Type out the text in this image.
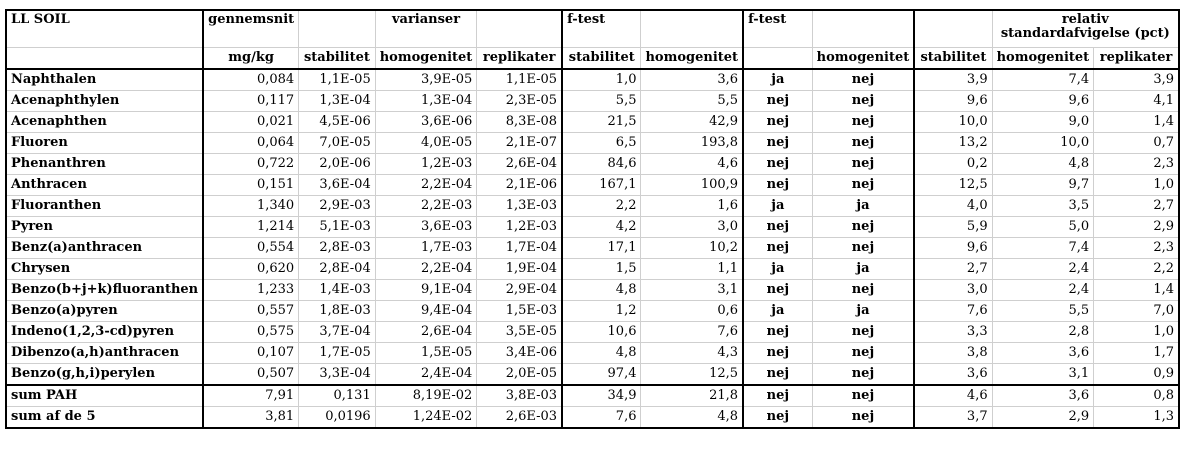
LL SOIL	gennemsnit		varianser		f-test		f-test			relativ standardafvigelse (pct)	
	mg/kg	stabilitet	homogenitet	replikater	stabilitet	homogenitet		homogenitet	stabilitet	homogenitet	replikater
Naphthalen	0,084	1,1E-05	3,9E-05	1,1E-05	1,0	3,6	ja	nej	3,9	7,4	3,9
Acenaphthylen	0,117	1,3E-04	1,3E-04	2,3E-05	5,5	5,5	nej	nej	9,6	9,6	4,1
Acenaphthen	0,021	4,5E-06	3,6E-06	8,3E-08	21,5	42,9	nej	nej	10,0	9,0	1,4
Fluoren	0,064	7,0E-05	4,0E-05	2,1E-07	6,5	193,8	nej	nej	13,2	10,0	0,7
Phenanthren	0,722	2,0E-06	1,2E-03	2,6E-04	84,6	4,6	nej	nej	0,2	4,8	2,3
Anthracen	0,151	3,6E-04	2,2E-04	2,1E-06	167,1	100,9	nej	nej	12,5	9,7	1,0
Fluoranthen	1,340	2,9E-03	2,2E-03	1,3E-03	2,2	1,6	ja	ja	4,0	3,5	2,7
Pyren	1,214	5,1E-03	3,6E-03	1,2E-03	4,2	3,0	nej	nej	5,9	5,0	2,9
Benz(a)anthracen	0,554	2,8E-03	1,7E-03	1,7E-04	17,1	10,2	nej	nej	9,6	7,4	2,3
Chrysen	0,620	2,8E-04	2,2E-04	1,9E-04	1,5	1,1	ja	ja	2,7	2,4	2,2
Benzo(b+j+k)fluoranthen	1,233	1,4E-03	9,1E-04	2,9E-04	4,8	3,1	nej	nej	3,0	2,4	1,4
Benzo(a)pyren	0,557	1,8E-03	9,4E-04	1,5E-03	1,2	0,6	ja	ja	7,6	5,5	7,0
Indeno(1,2,3-cd)pyren	0,575	3,7E-04	2,6E-04	3,5E-05	10,6	7,6	nej	nej	3,3	2,8	1,0
Dibenzo(a,h)anthracen	0,107	1,7E-05	1,5E-05	3,4E-06	4,8	4,3	nej	nej	3,8	3,6	1,7
Benzo(g,h,i)perylen	0,507	3,3E-04	2,4E-04	2,0E-05	97,4	12,5	nej	nej	3,6	3,1	0,9
sum PAH	7,91	0,131	8,19E-02	3,8E-03	34,9	21,8	nej	nej	4,6	3,6	0,8
sum af de 5	3,81	0,0196	1,24E-02	2,6E-03	7,6	4,8	nej	nej	3,7	2,9	1,3
